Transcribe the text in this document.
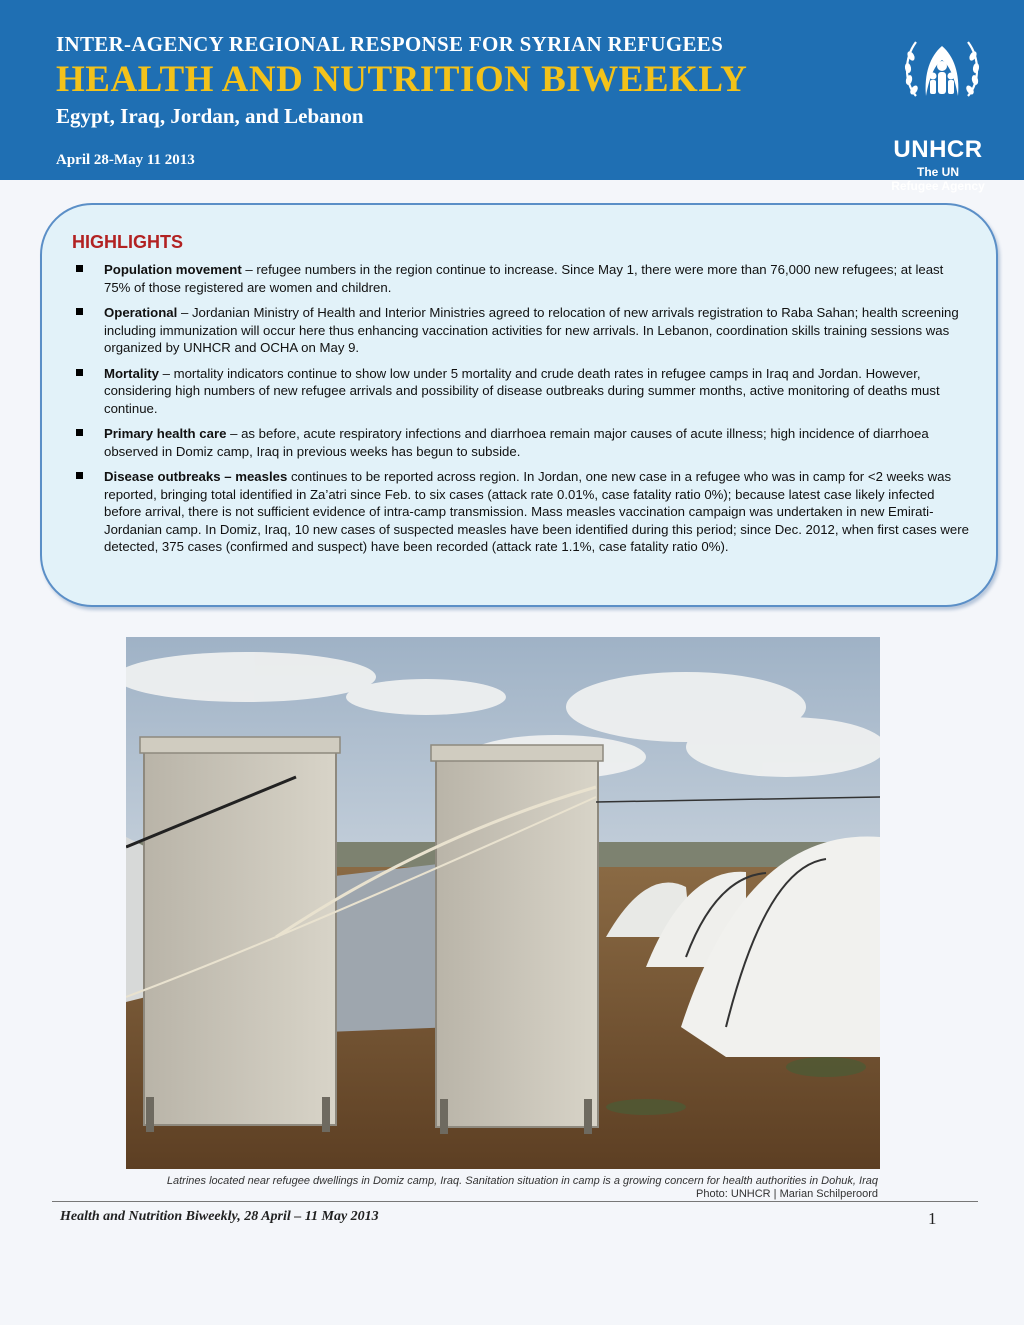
INTER-AGENCY REGIONAL RESPONSE FOR SYRIAN REFUGEES
HEALTH AND NUTRITION BIWEEKLY
Egypt, Iraq, Jordan, and Lebanon
April 28-May 11 2013	UNHCR
The UN
Refugee Agency
HIGHLIGHTS

Population movement – refugee numbers in the region continue to increase. Since May 1, there were more than 76,000 new refugees; at least 75% of those registered are women and children.

Operational – Jordanian Ministry of Health and Interior Ministries agreed to relocation of new arrivals registration to Raba Sahan; health screening including immunization will occur here thus enhancing vaccination activities for new arrivals. In Lebanon, coordination skills training sessions was organized by UNHCR and OCHA on May 9.

Mortality – mortality indicators continue to show low under 5 mortality and crude death rates in refugee camps in Iraq and Jordan. However, considering high numbers of new refugee arrivals and possibility of disease outbreaks during summer months, active monitoring of deaths must continue.

Primary health care – as before, acute respiratory infections and diarrhoea remain major causes of acute illness; high incidence of diarrhoea observed in Domiz camp, Iraq in previous weeks has begun to subside.

Disease outbreaks – measles continues to be reported across region. In Jordan, one new case in a refugee who was in camp for <2 weeks was reported, bringing total identified in Za’atri since Feb. to six cases (attack rate 0.01%, case fatality ratio 0%); because latest case likely infected before arrival, there is not sufficient evidence of intra-camp transmission. Mass measles vaccination campaign was undertaken in new Emirati-Jordanian camp. In Domiz, Iraq, 10 new cases of suspected measles have been identified during this period; since Dec. 2012, when first cases were detected, 375 cases (confirmed and suspect) have been recorded (attack rate 1.1%, case fatality ratio 0%).

Latrines located near refugee dwellings in Domiz camp, Iraq. Sanitation situation in camp is a growing concern for health authorities in Dohuk, Iraq
Photo: UNHCR | Marian Schilperoord
Health and Nutrition Biweekly, 28 April – 11 May 2013	1
